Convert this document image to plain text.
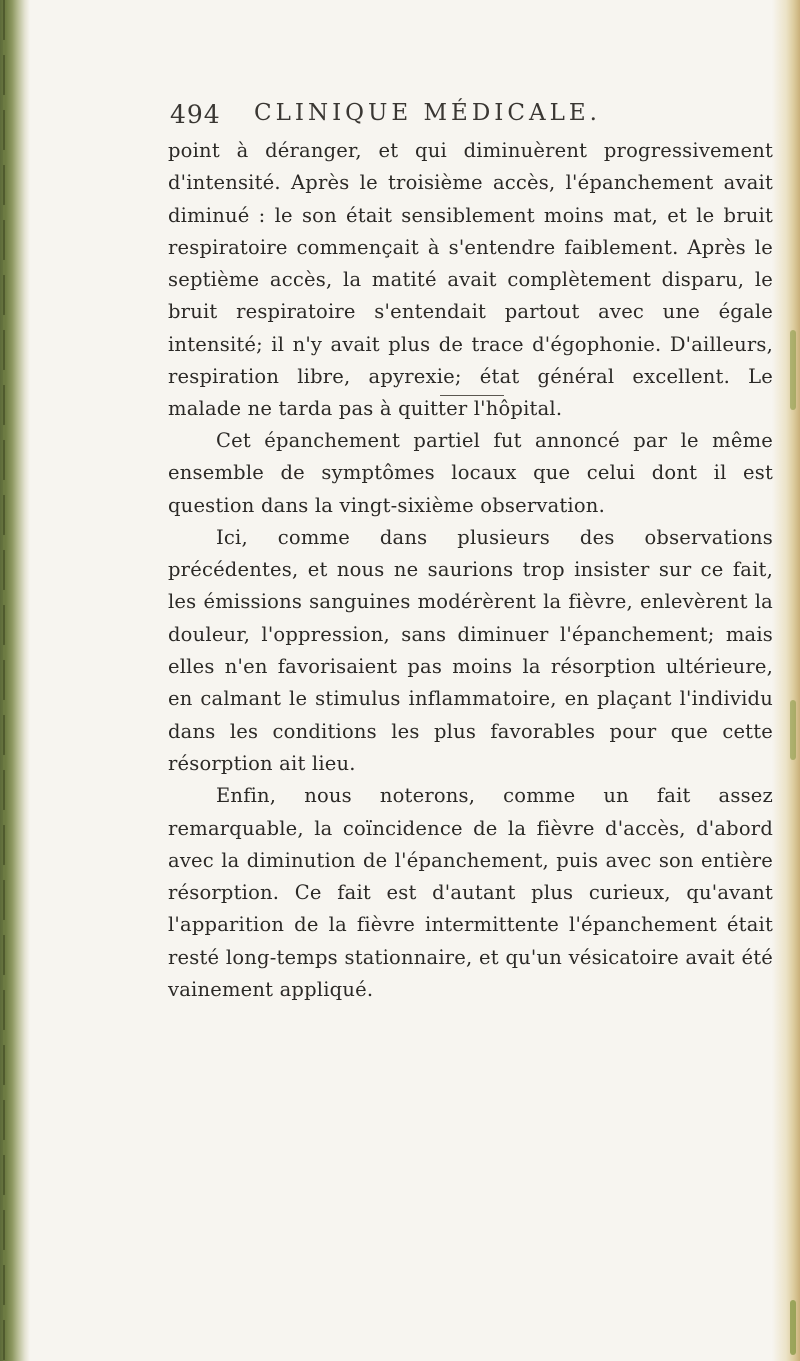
494 CLINIQUE MÉDICALE.

point à déranger, et qui diminuèrent progressivement d'intensité. Après le troisième accès, l'épanchement avait diminué : le son était sensiblement moins mat, et le bruit respiratoire commençait à s'entendre faiblement. Après le septième accès, la matité avait complètement disparu, le bruit respiratoire s'entendait partout avec une égale intensité; il n'y avait plus de trace d'égophonie. D'ailleurs, respiration libre, apyrexie; état général excellent. Le malade ne tarda pas à quitter l'hôpital.

Cet épanchement partiel fut annoncé par le même ensemble de symptômes locaux que celui dont il est question dans la vingt-sixième observation.

Ici, comme dans plusieurs des observations précédentes, et nous ne saurions trop insister sur ce fait, les émissions sanguines modérèrent la fièvre, enlevèrent la douleur, l'oppression, sans diminuer l'épanchement; mais elles n'en favorisaient pas moins la résorption ultérieure, en calmant le stimulus inflammatoire, en plaçant l'individu dans les conditions les plus favorables pour que cette résorption ait lieu.

Enfin, nous noterons, comme un fait assez remarquable, la coïncidence de la fièvre d'accès, d'abord avec la diminution de l'épanchement, puis avec son entière résorption. Ce fait est d'autant plus curieux, qu'avant l'apparition de la fièvre intermittente l'épanchement était resté long-temps stationnaire, et qu'un vésicatoire avait été vainement appliqué.
